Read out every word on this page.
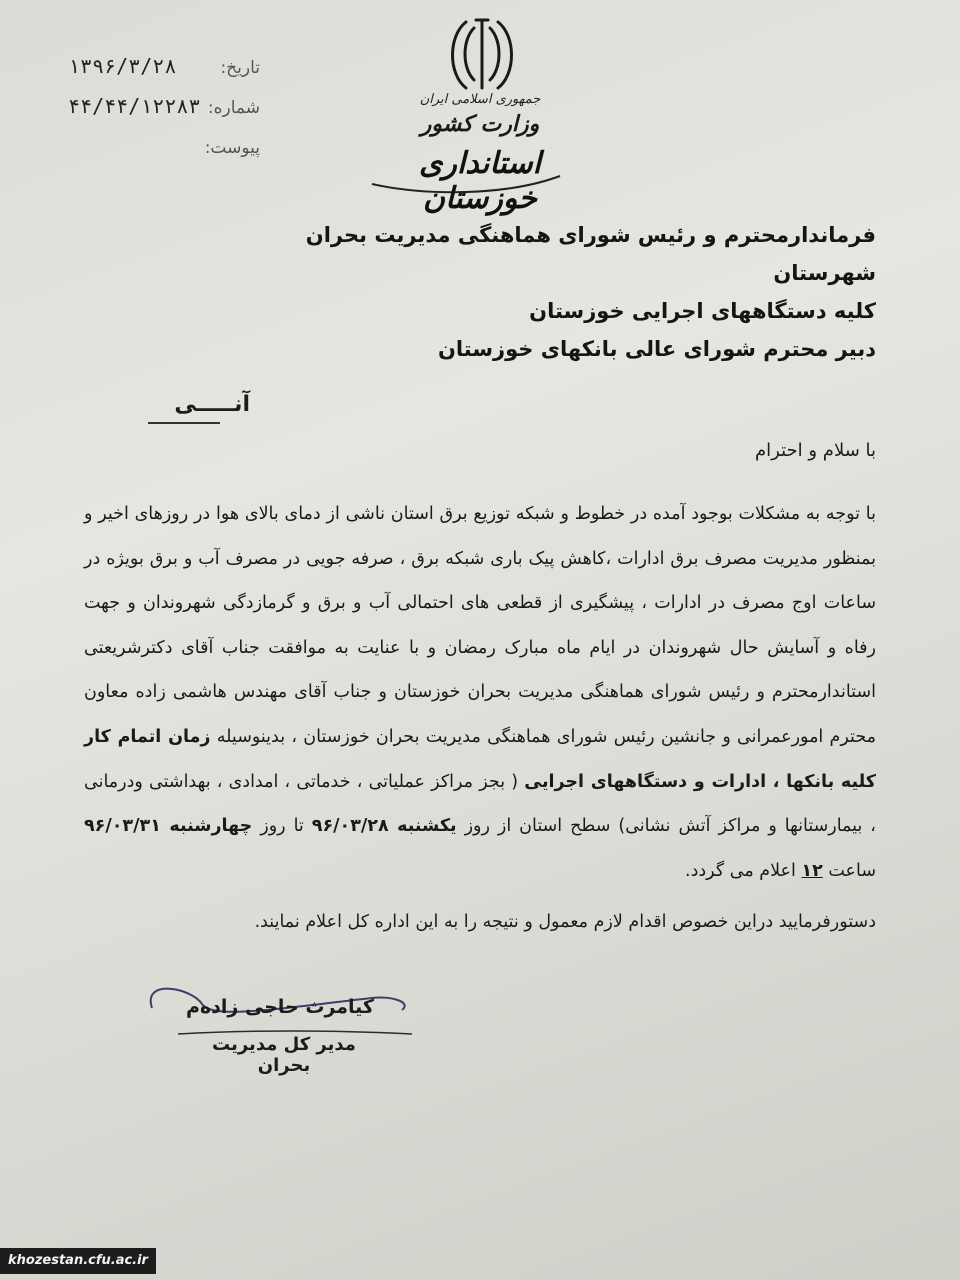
۱۳۹۶/۳/۲۸	تاریخ:
۴۴/۴۴/۱۲۲۸۳ شماره:
پیوست:
جمهوری اسلامی ایران
وزارت کشور
استانداری خوزستان
فرماندارمحترم و رئیس شورای هماهنگی مدیریت بحران شهرستان
کلیه دستگاههای اجرایی خوزستان
دبیر محترم شورای عالی بانکهای خوزستان
آنـــــی
با سلام و احترام

با توجه به مشکلات بوجود آمده در خطوط و شبکه توزیع برق استان ناشی از دمای بالای هوا در روزهای اخیر و بمنظور مدیریت مصرف برق ادارات ،کاهش پیک باری شبکه برق ، صرفه جویی در مصرف آب و برق بویژه در ساعات اوج مصرف در ادارات ، پیشگیری از قطعی های احتمالی آب و برق و گرمازدگی شهروندان و جهت رفاه و آسایش حال شهروندان در ایام ماه مبارک رمضان و با عنایت به موافقت جناب آقای دکترشریعتی استاندارمحترم و رئیس شورای هماهنگی مدیریت بحران خوزستان و جناب آقای مهندس هاشمی زاده معاون محترم امورعمرانی و جانشین رئیس شورای هماهنگی مدیریت بحران خوزستان ، بدینوسیله زمان اتمام کار کلیه بانکها ، ادارات و دستگاههای اجرایی ( بجز مراکز عملیاتی ، خدماتی ، امدادی ، بهداشتی ودرمانی ، بیمارستانها و مراکز آتش نشانی) سطح استان از روز یکشنبه ۹۶/۰۳/۲۸ تا روز چهارشنبه ۹۶/۰۳/۳۱ ساعت ۱۲ اعلام می گردد.

دستورفرمایید دراین خصوص اقدام لازم معمول و نتیجه را به این اداره کل اعلام نمایند.
کیامرث حاجی زادەم
مدیر کل مدیریت بحران
khozestan.cfu.ac.ir
